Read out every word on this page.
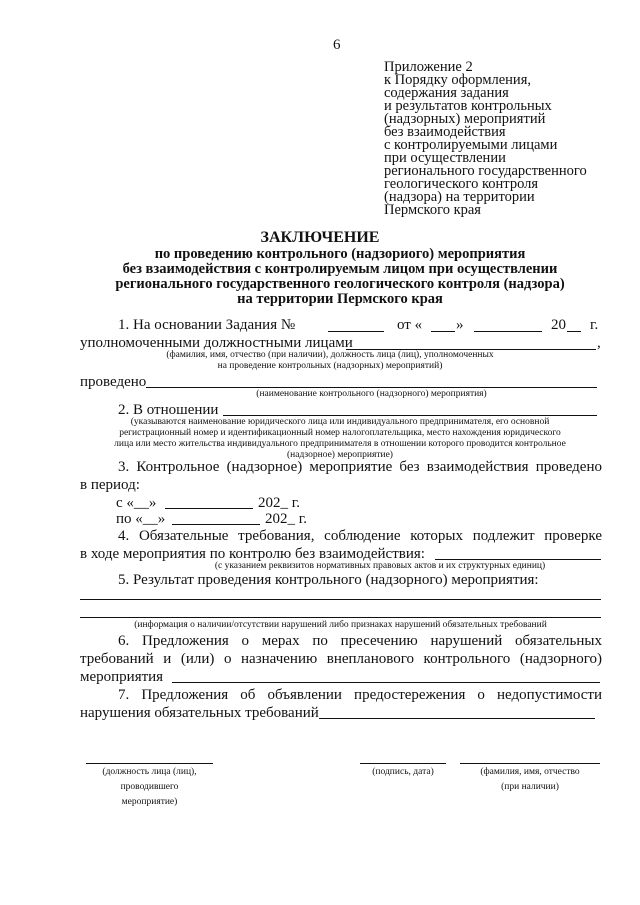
6
Приложение 2
к Порядку оформления,
содержания задания
и результатов контрольных
(надзорных) мероприятий
без взаимодействия
с контролируемыми лицами
при осуществлении
регионального государственного
геологического контроля
(надзора) на территории
Пермского края
ЗАКЛЮЧЕНИЕ
по проведению контрольного (надзориого) мероприятия
без взаимодействия с контролируемым лицом при осуществлении
регионального государственного геологического контроля (надзора)
на территории Пермского края
1. На основании Задания №	от « »	20 г.
уполномоченными должностными лицами	,
(фамилия, имя, отчество (при наличии), должность лица (лиц), уполномоченных
на проведение контрольных (надзорных) мероприятий)
проведено
(наименование контрольного (надзорного) мероприятия)
2. В отношении
(указываются наименование юридического лица или индивидуального предпринимателя, его основной
регистрационный номер и идентификационный номер налогоплательщика, место нахождения юридического
лица или место жительства индивидуального предпринимателя в отношении которого проводится контрольное
(надзорное) мероприятие)
3. Контрольное (надзорное) мероприятие без взаимодействия проведено
в период:
с «__»	202_ г.
по «__»	202_ г.
4. Обязательные требования, соблюдение которых подлежит проверке
в ходе мероприятия по контролю без взаимодействия:
(с указанием реквизитов нормативных правовых актов и их структурных единиц)
5. Результат проведения контрольного (надзорного) мероприятия:
(информация о наличии/отсутствии нарушений либо признаках нарушений обязательных требований
6. Предложения о мерах по пресечению нарушений обязательных
требований и (или) о назначению внепланового контрольного (надзорного)
мероприятия
7. Предложения об объявлении предостережения о недопустимости
нарушения обязательных требований
(должность лица (лиц),
проводившего
мероприятие)
(подпись, дата)	(фамилия, имя, отчество
(при наличии)
